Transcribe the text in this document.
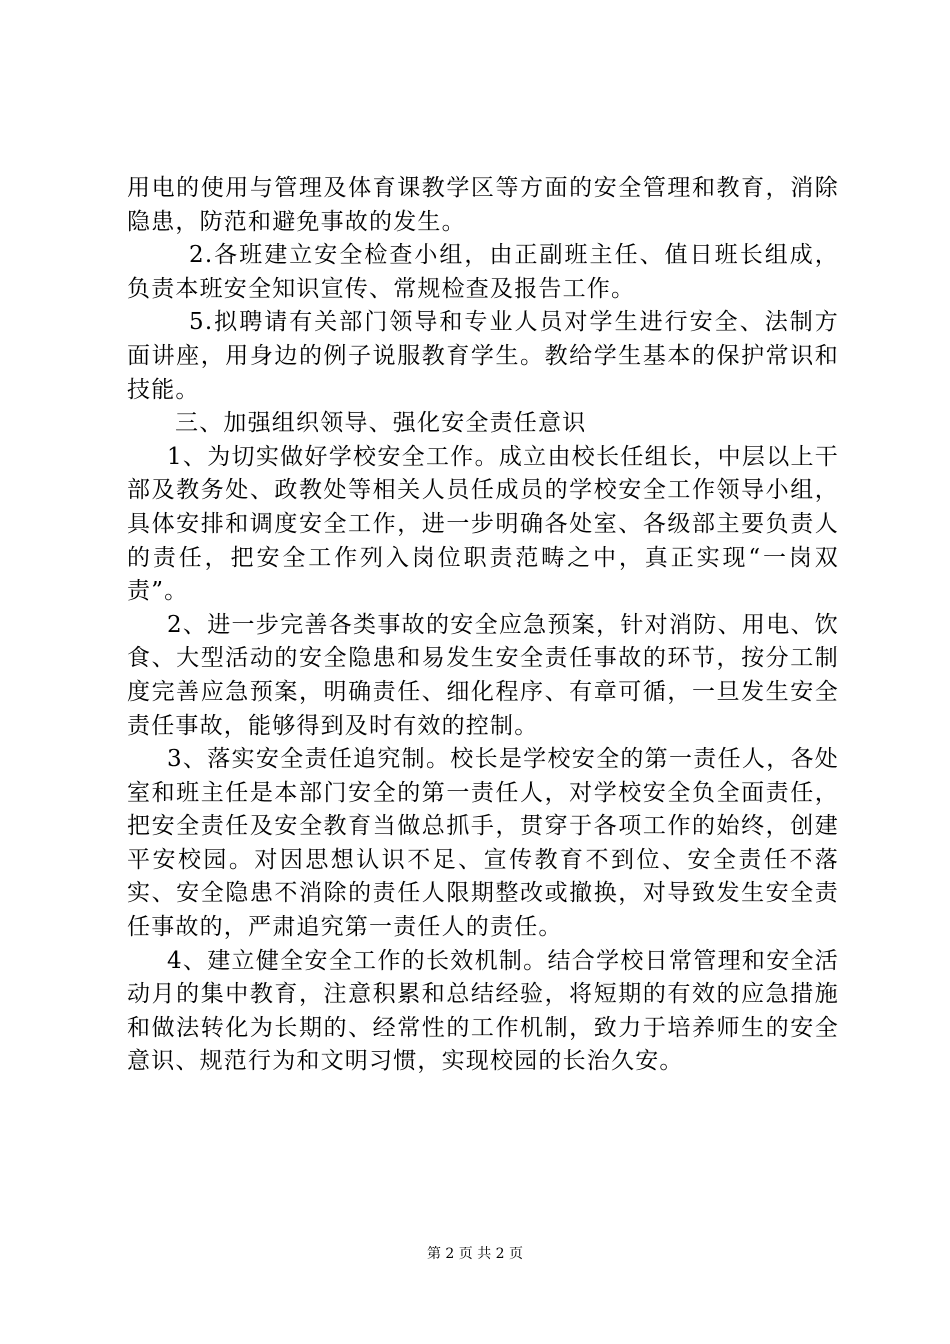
用电的使用与管理及体育课教学区等方面的安全管理和教育，消除隐患，防范和避免事故的发生。

2.各班建立安全检查小组，由正副班主任、值日班长组成，负责本班安全知识宣传、常规检查及报告工作。

5.拟聘请有关部门领导和专业人员对学生进行安全、法制方面讲座，用身边的例子说服教育学生。教给学生基本的保护常识和技能。

三、加强组织领导、强化安全责任意识

1、为切实做好学校安全工作。成立由校长任组长，中层以上干部及教务处、政教处等相关人员任成员的学校安全工作领导小组，具体安排和调度安全工作，进一步明确各处室、各级部主要负责人的责任，把安全工作列入岗位职责范畴之中，真正实现“一岗双责”。

2、进一步完善各类事故的安全应急预案，针对消防、用电、饮食、大型活动的安全隐患和易发生安全责任事故的环节，按分工制度完善应急预案，明确责任、细化程序、有章可循，一旦发生安全责任事故，能够得到及时有效的控制。

3、落实安全责任追究制。校长是学校安全的第一责任人，各处室和班主任是本部门安全的第一责任人，对学校安全负全面责任，把安全责任及安全教育当做总抓手，贯穿于各项工作的始终，创建平安校园。对因思想认识不足、宣传教育不到位、安全责任不落实、安全隐患不消除的责任人限期整改或撤换，对导致发生安全责任事故的，严肃追究第一责任人的责任。

4、建立健全安全工作的长效机制。结合学校日常管理和安全活动月的集中教育，注意积累和总结经验，将短期的有效的应急措施和做法转化为长期的、经常性的工作机制，致力于培养师生的安全意识、规范行为和文明习惯，实现校园的长治久安。

第 2 页 共 2 页
